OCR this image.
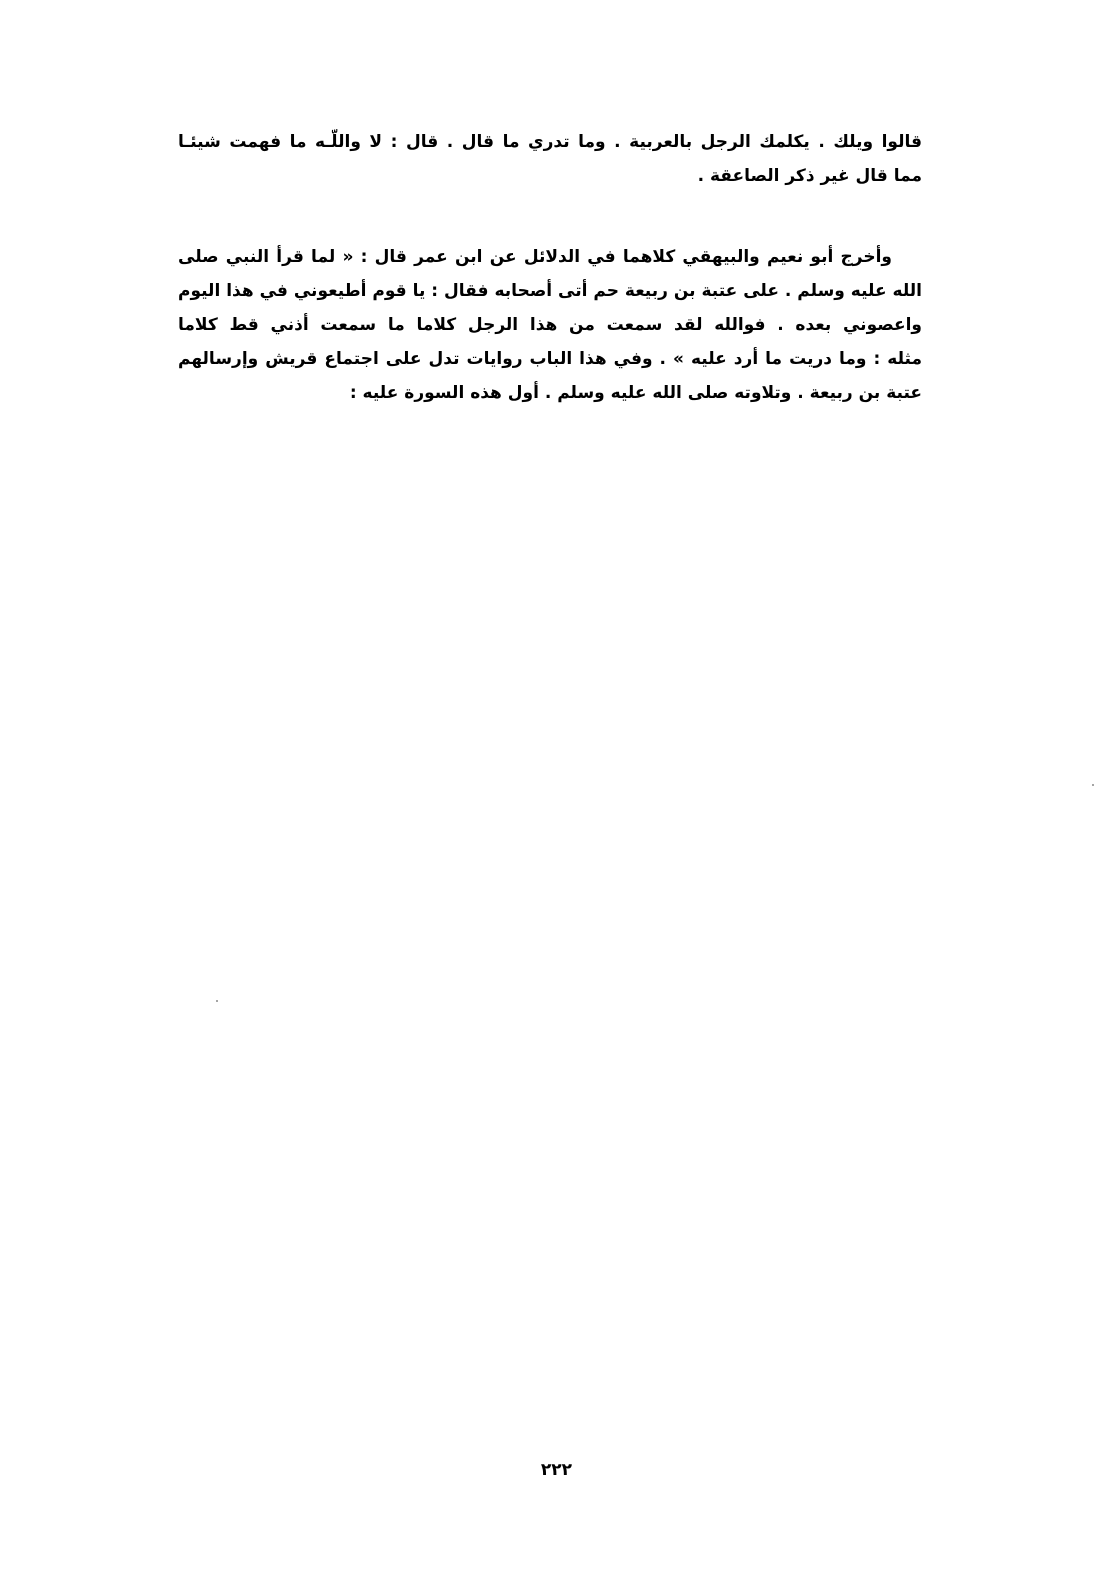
قالوا ويلك . يكلمك الرجل بالعربية . وما تدري ما قال . قال : لا واللّـه ما فهمت شيئـا
مما قال غير ذكر الصاعقة .
وأخرج أبو نعيم والبيهقي كلاهما في الدلائل عن ابن عمر قال : « لما قرأ النبي صلى
الله عليه وسلم . على عتبة بن ربيعة حم أتى أصحابه فقال : يا قوم أطيعوني في هذا اليوم
واعصوني بعده . فوالله لقد سمعت من هذا الرجل كلاما ما سمعت أذني قط كلاما
مثله : وما دريت ما أرد عليه » . وفي هذا الباب روايات تدل على اجتماع قريش وإرسالهم
عتبة بن ربيعة . وتلاوته صلى الله عليه وسلم . أول هذه السورة عليه :
٢٢٢
